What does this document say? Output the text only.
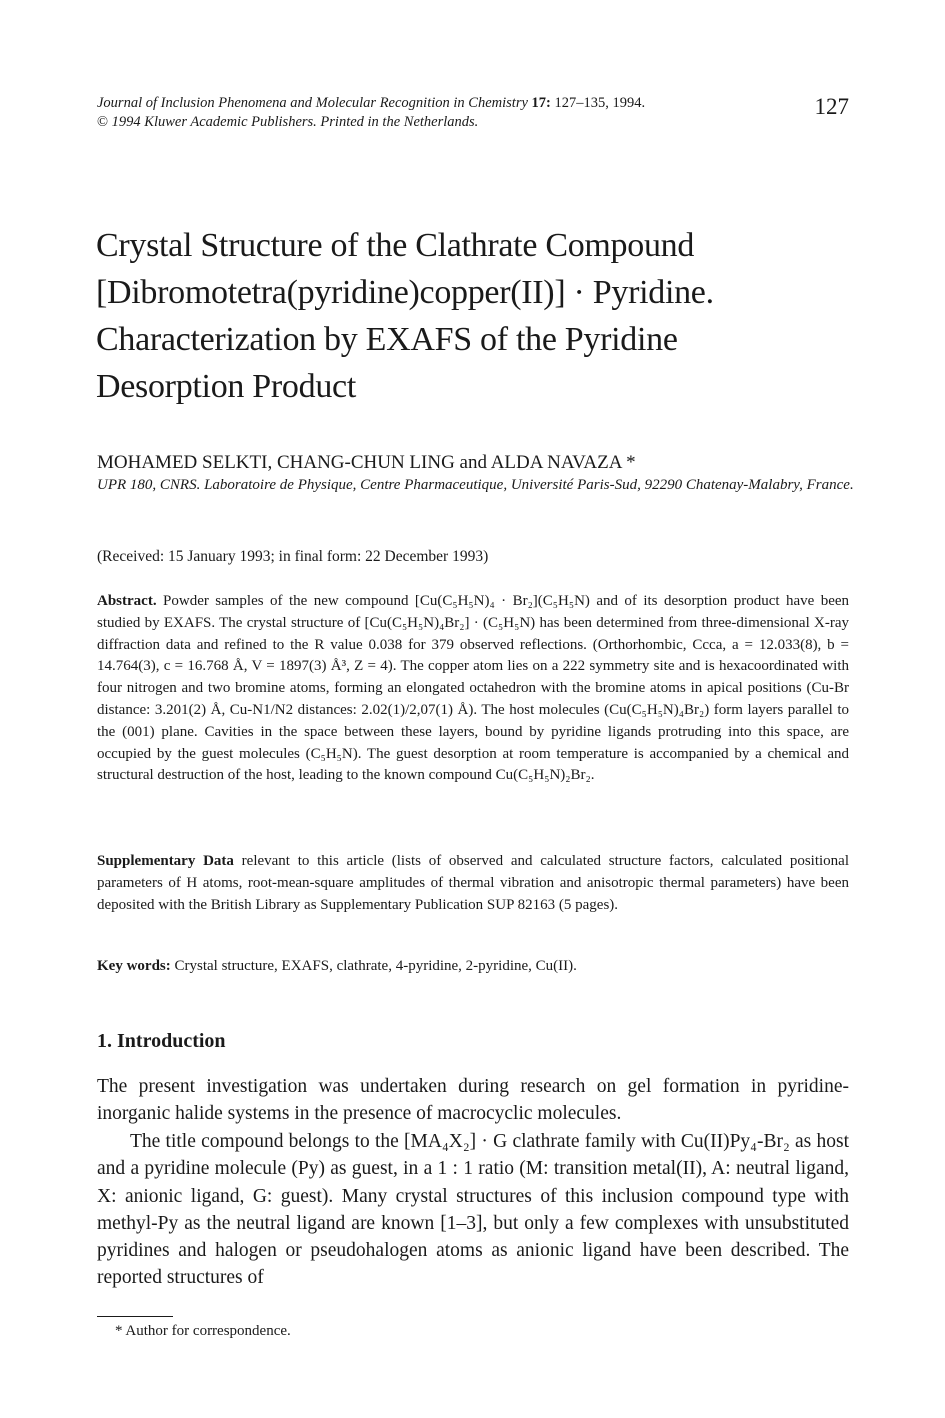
Journal of Inclusion Phenomena and Molecular Recognition in Chemistry 17: 127–135, 1994.
© 1994 Kluwer Academic Publishers. Printed in the Netherlands.
127
Crystal Structure of the Clathrate Compound
[Dibromotetra(pyridine)copper(II)] · Pyridine.
Characterization by EXAFS of the Pyridine
Desorption Product
MOHAMED SELKTI, CHANG-CHUN LING and ALDA NAVAZA *
UPR 180, CNRS. Laboratoire de Physique, Centre Pharmaceutique, Université Paris-Sud, 92290 Chatenay-Malabry, France.
(Received: 15 January 1993; in final form: 22 December 1993)

Abstract. Powder samples of the new compound [Cu(C₅H₅N)₄ · Br₂](C₅H₅N) and of its desorption product have been studied by EXAFS. The crystal structure of [Cu(C₅H₅N)₄Br₂] · (C₅H₅N) has been determined from three-dimensional X-ray diffraction data and refined to the R value 0.038 for 379 observed reflections. (Orthorhombic, Ccca, a = 12.033(8), b = 14.764(3), c = 16.768 Å, V = 1897(3) Å³, Z = 4). The copper atom lies on a 222 symmetry site and is hexacoordinated with four nitrogen and two bromine atoms, forming an elongated octahedron with the bromine atoms in apical positions (Cu-Br distance: 3.201(2) Å, Cu-N1/N2 distances: 2.02(1)/2,07(1) Å). The host molecules (Cu(C₅H₅N)₄Br₂) form layers parallel to the (001) plane. Cavities in the space between these layers, bound by pyridine ligands protruding into this space, are occupied by the guest molecules (C₅H₅N). The guest desorption at room temperature is accompanied by a chemical and structural destruction of the host, leading to the known compound Cu(C₅H₅N)₂Br₂.

Supplementary Data relevant to this article (lists of observed and calculated structure factors, calculated positional parameters of H atoms, root-mean-square amplitudes of thermal vibration and anisotropic thermal parameters) have been deposited with the British Library as Supplementary Publication SUP 82163 (5 pages).

Key words: Crystal structure, EXAFS, clathrate, 4-pyridine, 2-pyridine, Cu(II).

1. Introduction

The present investigation was undertaken during research on gel formation in pyridine-inorganic halide systems in the presence of macrocyclic molecules.

The title compound belongs to the [MA₄X₂] · G clathrate family with Cu(II)Py₄-Br₂ as host and a pyridine molecule (Py) as guest, in a 1 : 1 ratio (M: transition metal(II), A: neutral ligand, X: anionic ligand, G: guest). Many crystal structures of this inclusion compound type with methyl-Py as the neutral ligand are known [1–3], but only a few complexes with unsubstituted pyridines and halogen or pseudohalogen atoms as anionic ligand have been described. The reported structures of

* Author for correspondence.
